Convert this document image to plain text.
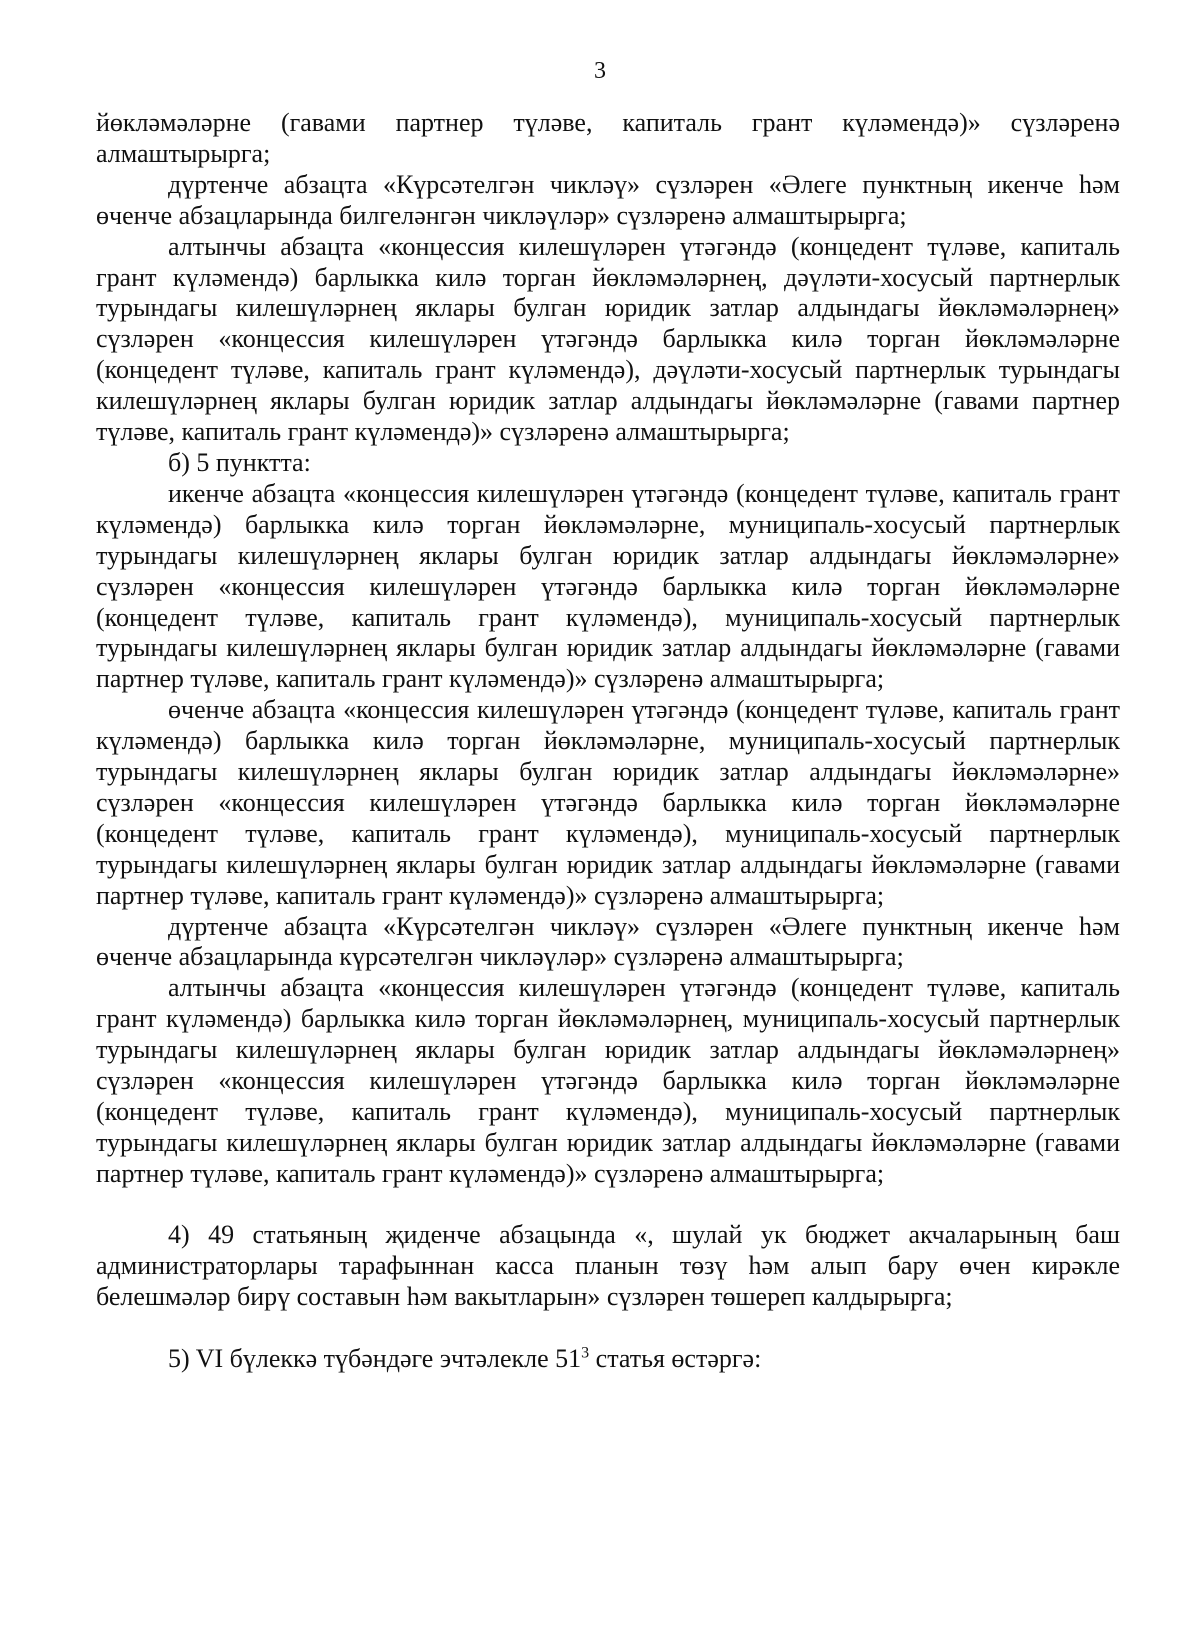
3

йөкләмәләрне (гавами партнер түләве, капиталь грант күләмендә)» сүзләренә алмаштырырга;

дүртенче абзацта «Күрсәтелгән чикләү» сүзләрен «Әлеге пунктның икенче һәм өченче абзацларында билгеләнгән чикләүләр» сүзләренә алмаштырырга;

алтынчы абзацта «концессия килешүләрен үтәгәндә (концедент түләве, капиталь грант күләмендә) барлыкка килә торган йөкләмәләрнең, дәүләти-хосусый партнерлык турындагы килешүләрнең яклары булган юридик затлар алдындагы йөкләмәләрнең» сүзләрен «концессия килешүләрен үтәгәндә барлыкка килә торган йөкләмәләрне (концедент түләве, капиталь грант күләмендә), дәүләти-хосусый партнерлык турындагы килешүләрнең яклары булган юридик затлар алдындагы йөкләмәләрне (гавами партнер түләве, капиталь грант күләмендә)» сүзләренә алмаштырырга;

б) 5 пунктта:

икенче абзацта «концессия килешүләрен үтәгәндә (концедент түләве, капиталь грант күләмендә) барлыкка килә торган йөкләмәләрне, муниципаль-хосусый партнерлык турындагы килешүләрнең яклары булган юридик затлар алдындагы йөкләмәләрне» сүзләрен «концессия килешүләрен үтәгәндә барлыкка килә торган йөкләмәләрне (концедент түләве, капиталь грант күләмендә), муниципаль-хосусый партнерлык турындагы килешүләрнең яклары булган юридик затлар алдындагы йөкләмәләрне (гавами партнер түләве, капиталь грант күләмендә)» сүзләренә алмаштырырга;

өченче абзацта «концессия килешүләрен үтәгәндә (концедент түләве, капиталь грант күләмендә) барлыкка килә торган йөкләмәләрне, муниципаль-хосусый партнерлык турындагы килешүләрнең яклары булган юридик затлар алдындагы йөкләмәләрне» сүзләрен «концессия килешүләрен үтәгәндә барлыкка килә торган йөкләмәләрне (концедент түләве, капиталь грант күләмендә), муниципаль-хосусый партнерлык турындагы килешүләрнең яклары булган юридик затлар алдындагы йөкләмәләрне (гавами партнер түләве, капиталь грант күләмендә)» сүзләренә алмаштырырга;

дүртенче абзацта «Күрсәтелгән чикләү» сүзләрен «Әлеге пунктның икенче һәм өченче абзацларында күрсәтелгән чикләүләр» сүзләренә алмаштырырга;

алтынчы абзацта «концессия килешүләрен үтәгәндә (концедент түләве, капиталь грант күләмендә) барлыкка килә торган йөкләмәләрнең, муниципаль-хосусый партнерлык турындагы килешүләрнең яклары булган юридик затлар алдындагы йөкләмәләрнең» сүзләрен «концессия килешүләрен үтәгәндә барлыкка килә торган йөкләмәләрне (концедент түләве, капиталь грант күләмендә), муниципаль-хосусый партнерлык турындагы килешүләрнең яклары булган юридик затлар алдындагы йөкләмәләрне (гавами партнер түләве, капиталь грант күләмендә)» сүзләренә алмаштырырга;

4) 49 статьяның җиденче абзацында «, шулай ук бюджет акчаларының баш администраторлары тарафыннан касса планын төзү һәм алып бару өчен кирәкле белешмәләр бирү составын һәм вакытларын» сүзләрен төшереп калдырырга;

5) VI бүлеккә түбәндәге эчтәлекле $51^3$ статья өстәргә:
